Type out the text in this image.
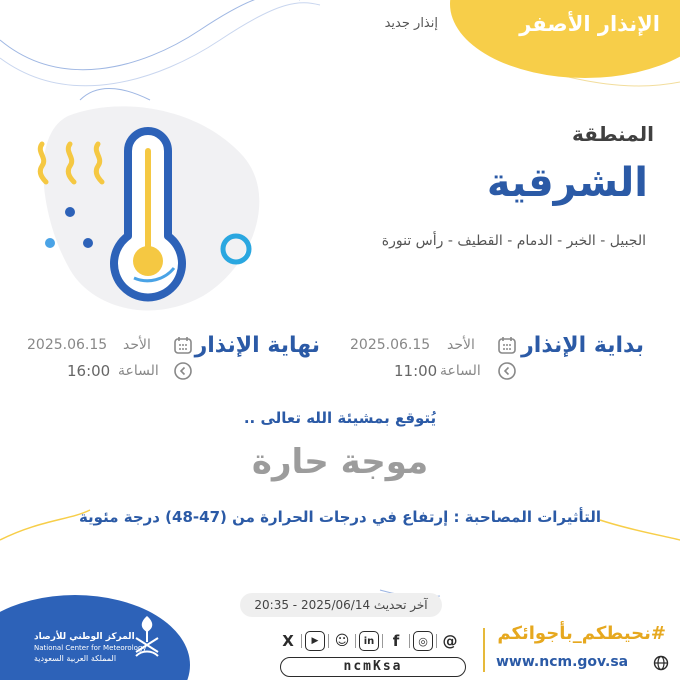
الإنذار الأصفر
إنذار جديد
المنطقة
الشرقية
الجبيل - الخبر - الدمام - القطيف - رأس تنورة
بداية الإنذار
الأحد
2025.06.15
الساعة
11:00
نهاية الإنذار
الأحد
2025.06.15
الساعة
16:00
يُتوقع بمشيئة الله تعالى ..
موجة حارة
التأثيرات المصاحبة : إرتفاع في درجات الحرارة من (47-48) درجة مئوية
آخر تحديث 2025/06/14 - 20:35
المركز الوطني للأرصاد
National Center for Meteorology
المملكة العربية السعودية
X	▶	☺	in	f	◎ @
ncmKsa
#نحيطكم_بأجوائكم
www.ncm.gov.sa
